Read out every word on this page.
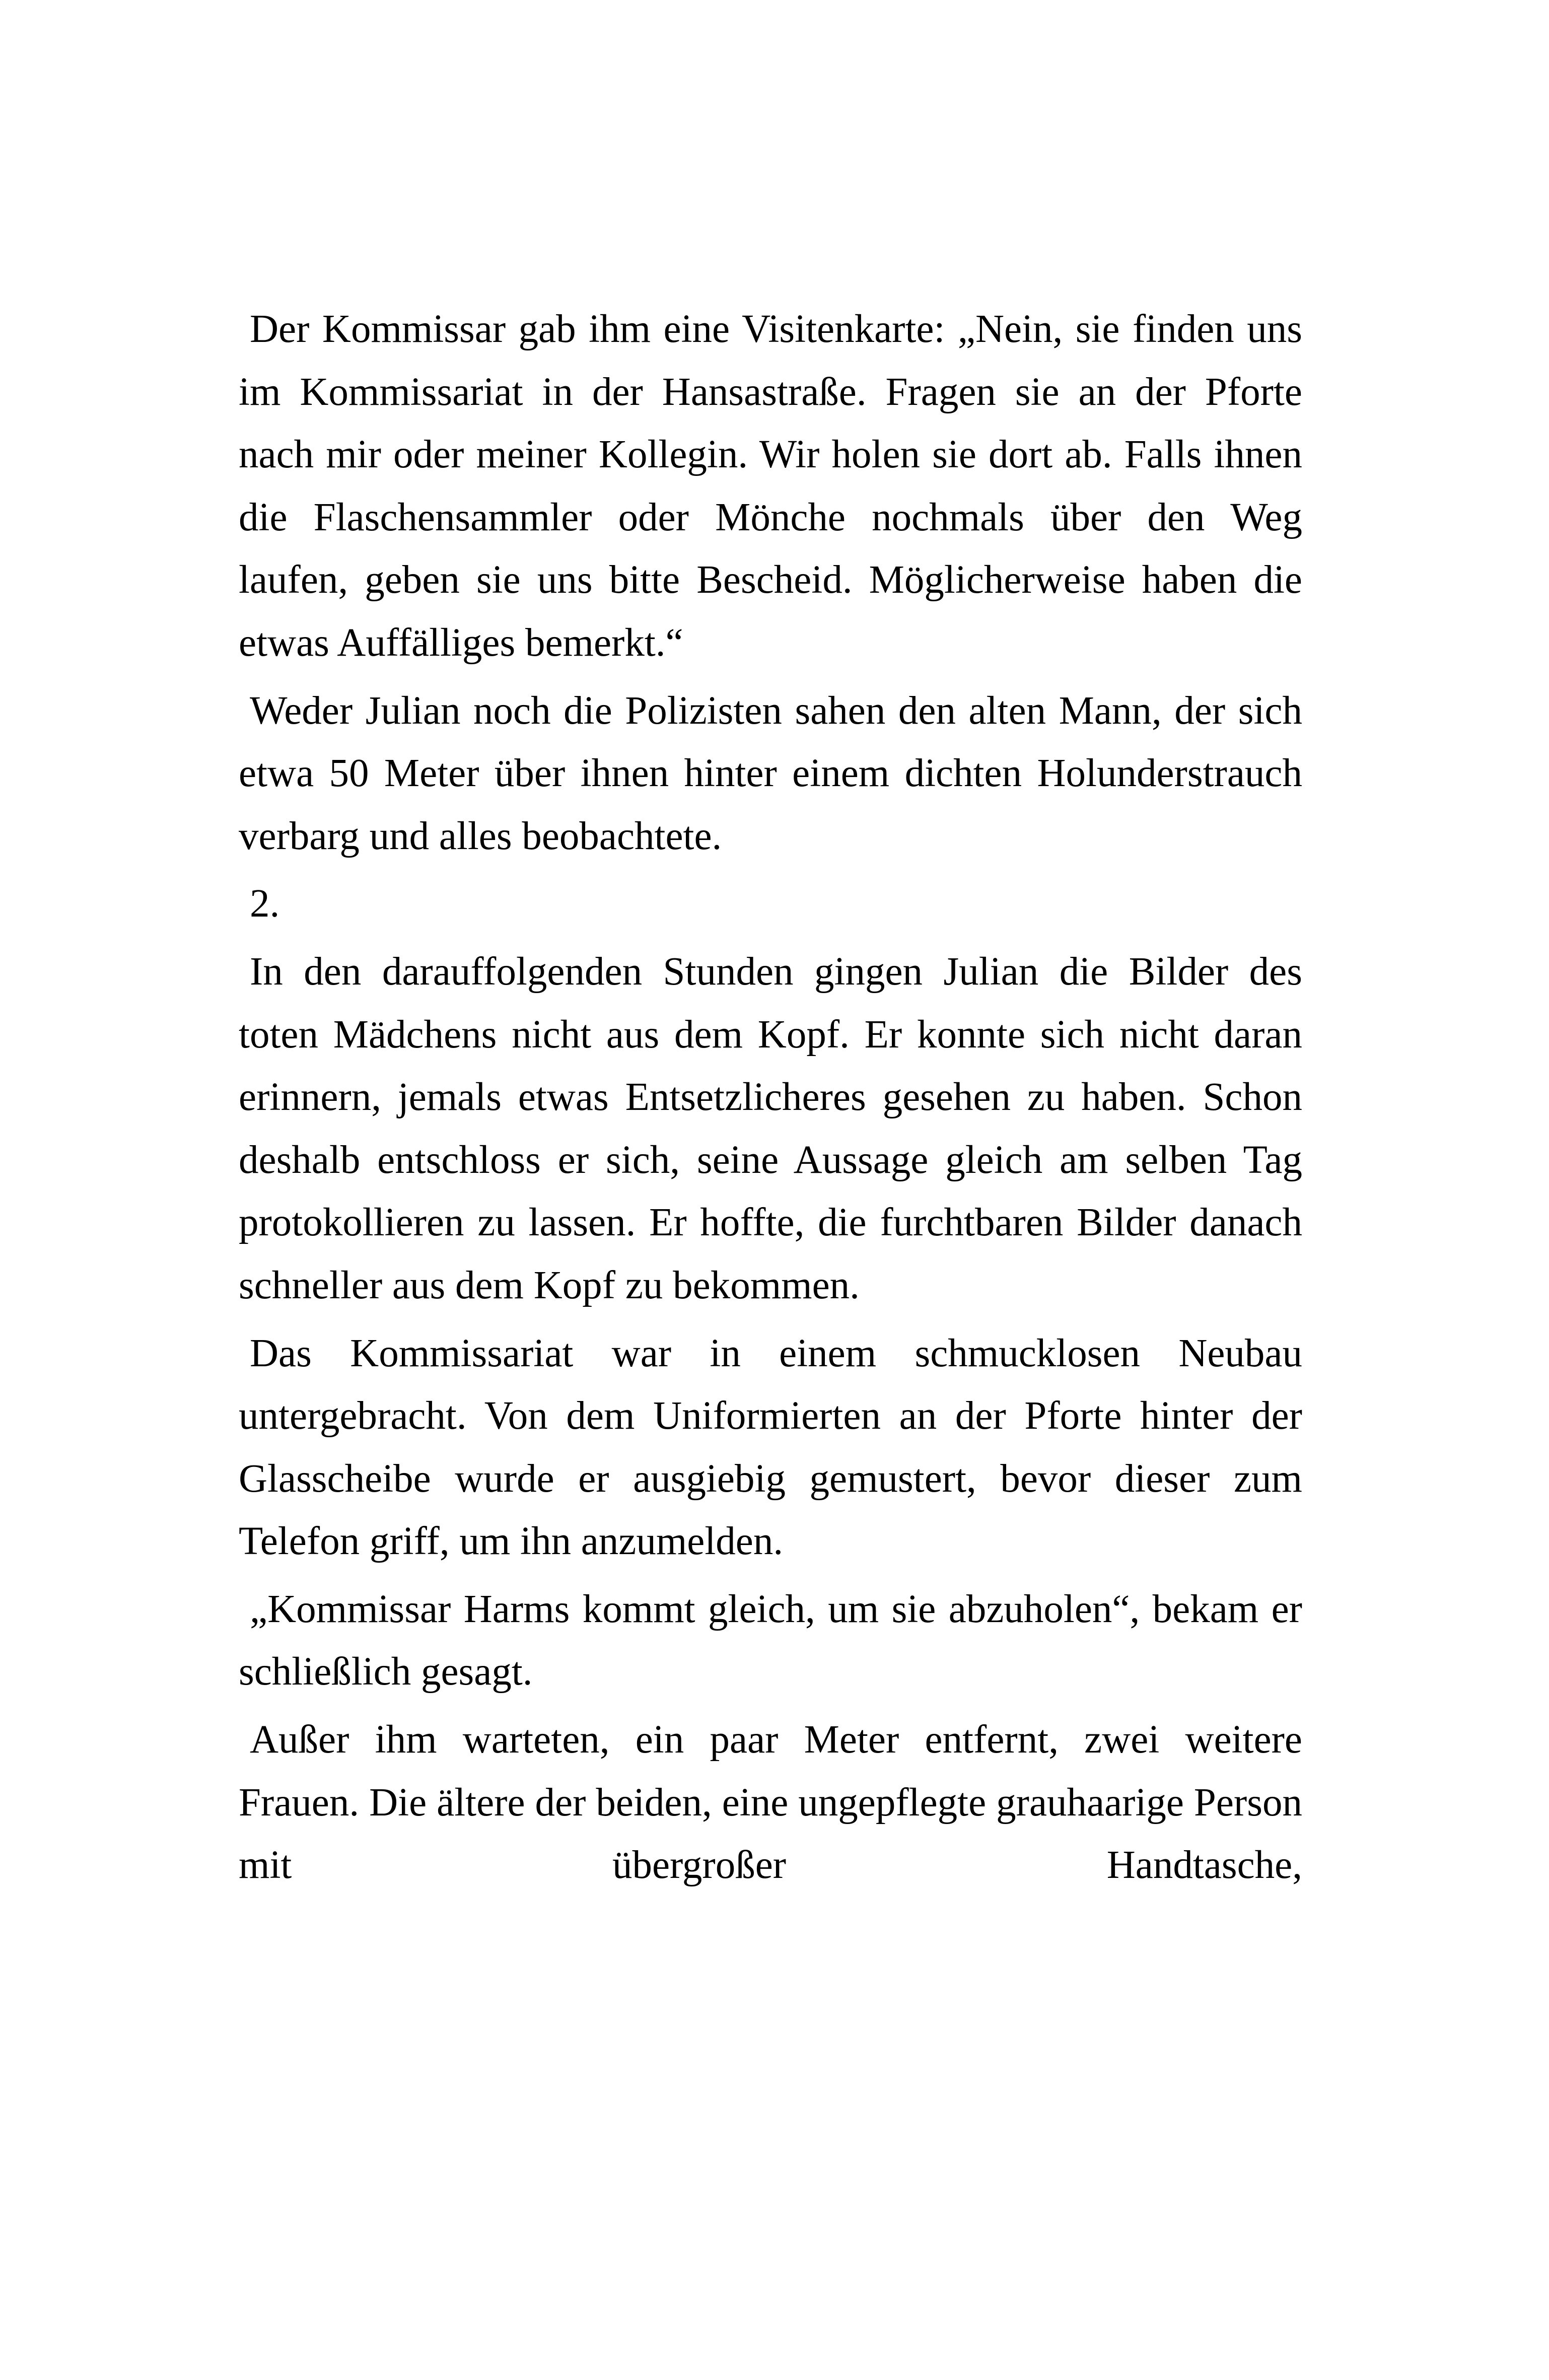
Der Kommissar gab ihm eine Visitenkarte: „Nein, sie finden uns im Kommissariat in der Hansastraße. Fragen sie an der Pforte nach mir oder meiner Kollegin. Wir holen sie dort ab. Falls ihnen die Flaschensammler oder Mönche nochmals über den Weg laufen, geben sie uns bitte Bescheid. Möglicherweise haben die etwas Auffälliges bemerkt.“

Weder Julian noch die Polizisten sahen den alten Mann, der sich etwa 50 Meter über ihnen hinter einem dichten Holunderstrauch verbarg und alles beobachtete.

2.

In den darauffolgenden Stunden gingen Julian die Bilder des toten Mädchens nicht aus dem Kopf. Er konnte sich nicht daran erinnern, jemals etwas Entsetzlicheres gesehen zu haben. Schon deshalb entschloss er sich, seine Aussage gleich am selben Tag protokollieren zu lassen. Er hoffte, die furchtbaren Bilder danach schneller aus dem Kopf zu bekommen.

Das Kommissariat war in einem schmucklosen Neubau untergebracht. Von dem Uniformierten an der Pforte hinter der Glasscheibe wurde er ausgiebig gemustert, bevor dieser zum Telefon griff, um ihn anzumelden.

„Kommissar Harms kommt gleich, um sie abzuholen“, bekam er schließlich gesagt.

Außer ihm warteten, ein paar Meter entfernt, zwei weitere Frauen. Die ältere der beiden, eine ungepflegte grauhaarige Person mit übergroßer Handtasche,
